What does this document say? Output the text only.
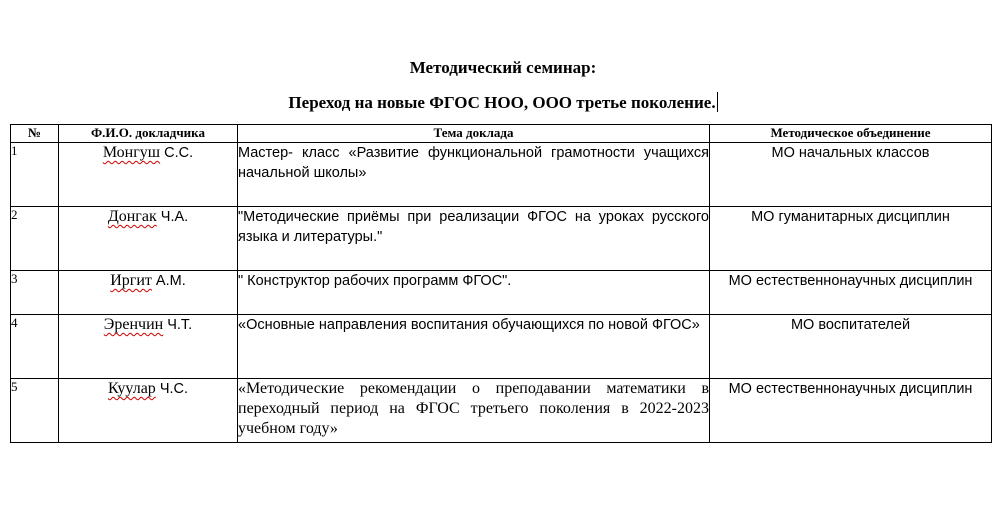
Методический семинар:
Переход на новые ФГОС НОО, ООО третье поколение.
№	Ф.И.О. докладчика	Тема доклада	Методическое объединение
1	Монгуш С.С.	Мастер- класс «Развитие функциональной грамотности учащихся начальной школы»	МО начальных классов
2	Донгак Ч.А.	"Методические приёмы при реализации ФГОС на уроках русского языка и литературы."	МО гуманитарных дисциплин
3	Иргит А.М.	" Конструктор рабочих программ ФГОС".	МО естественнонаучных дисциплин
4	Эренчин Ч.Т.	«Основные направления воспитания обучающихся по новой ФГОС»	МО воспитателей
5	Куулар Ч.С.	«Методические рекомендации о преподавании математики в переходный период на ФГОС третьего поколения в 2022-2023 учебном году»	МО естественнонаучных дисциплин
